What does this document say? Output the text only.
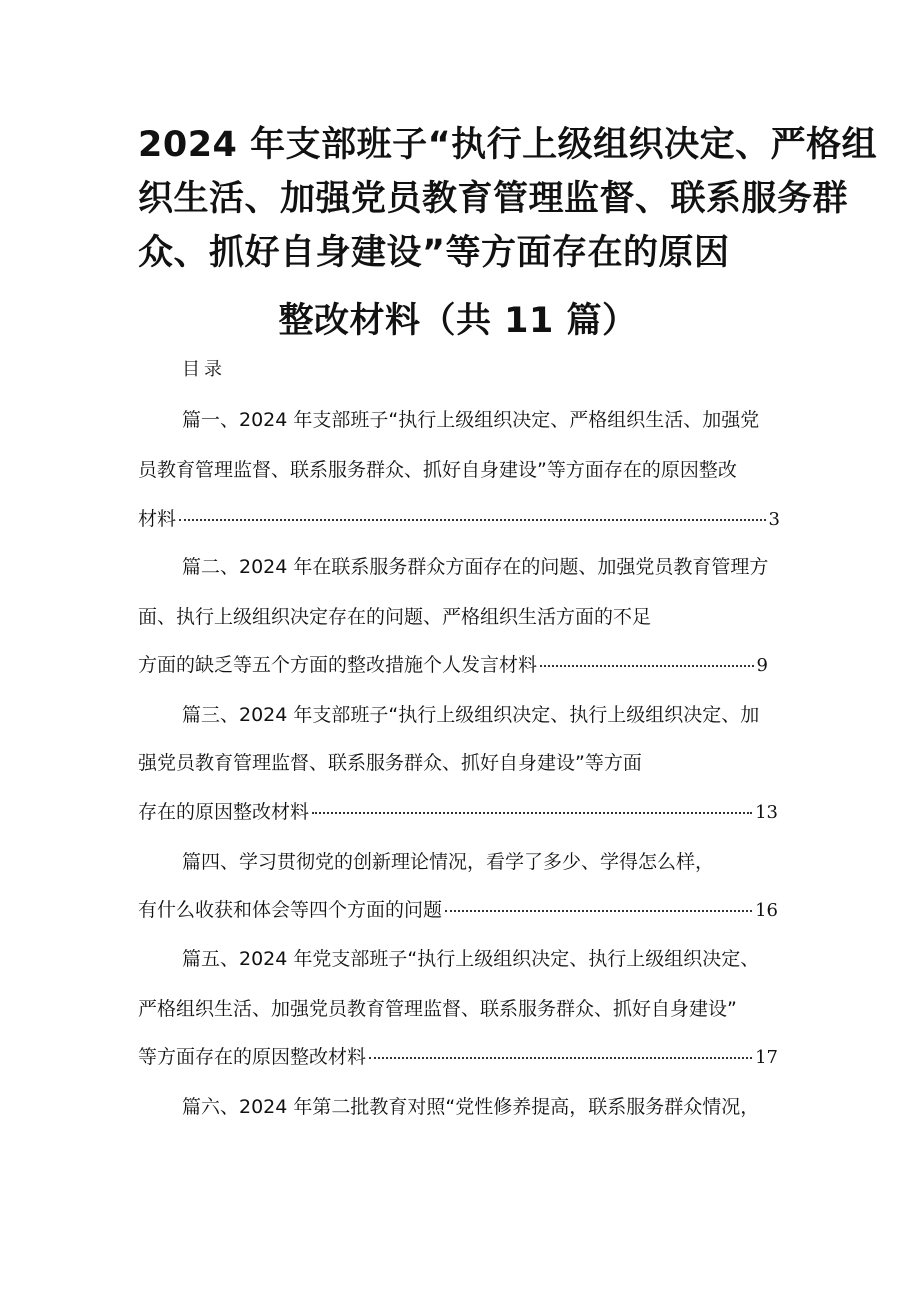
2024 年支部班子“执行上级组织决定、严格组
织生活、加强党员教育管理监督、联系服务群
众、抓好自身建设”等方面存在的原因
整改材料（共 11 篇）
目录
篇一、2024 年支部班子“执行上级组织决定、严格组织生活、加强党
员教育管理监督、联系服务群众、抓好自身建设”等方面存在的原因整改
材料	3
篇二、2024 年在联系服务群众方面存在的问题、加强党员教育管理方
面、执行上级组织决定存在的问题、严格组织生活方面的不足
方面的缺乏等五个方面的整改措施个人发言材料	9
篇三、2024 年支部班子“执行上级组织决定、执行上级组织决定、加
强党员教育管理监督、联系服务群众、抓好自身建设”等方面
存在的原因整改材料	13
篇四、学习贯彻党的创新理论情况，看学了多少、学得怎么样，
有什么收获和体会等四个方面的问题	16
篇五、2024 年党支部班子“执行上级组织决定、执行上级组织决定、
严格组织生活、加强党员教育管理监督、联系服务群众、抓好自身建设”
等方面存在的原因整改材料	17
篇六、2024 年第二批教育对照“党性修养提高，联系服务群众情况，
